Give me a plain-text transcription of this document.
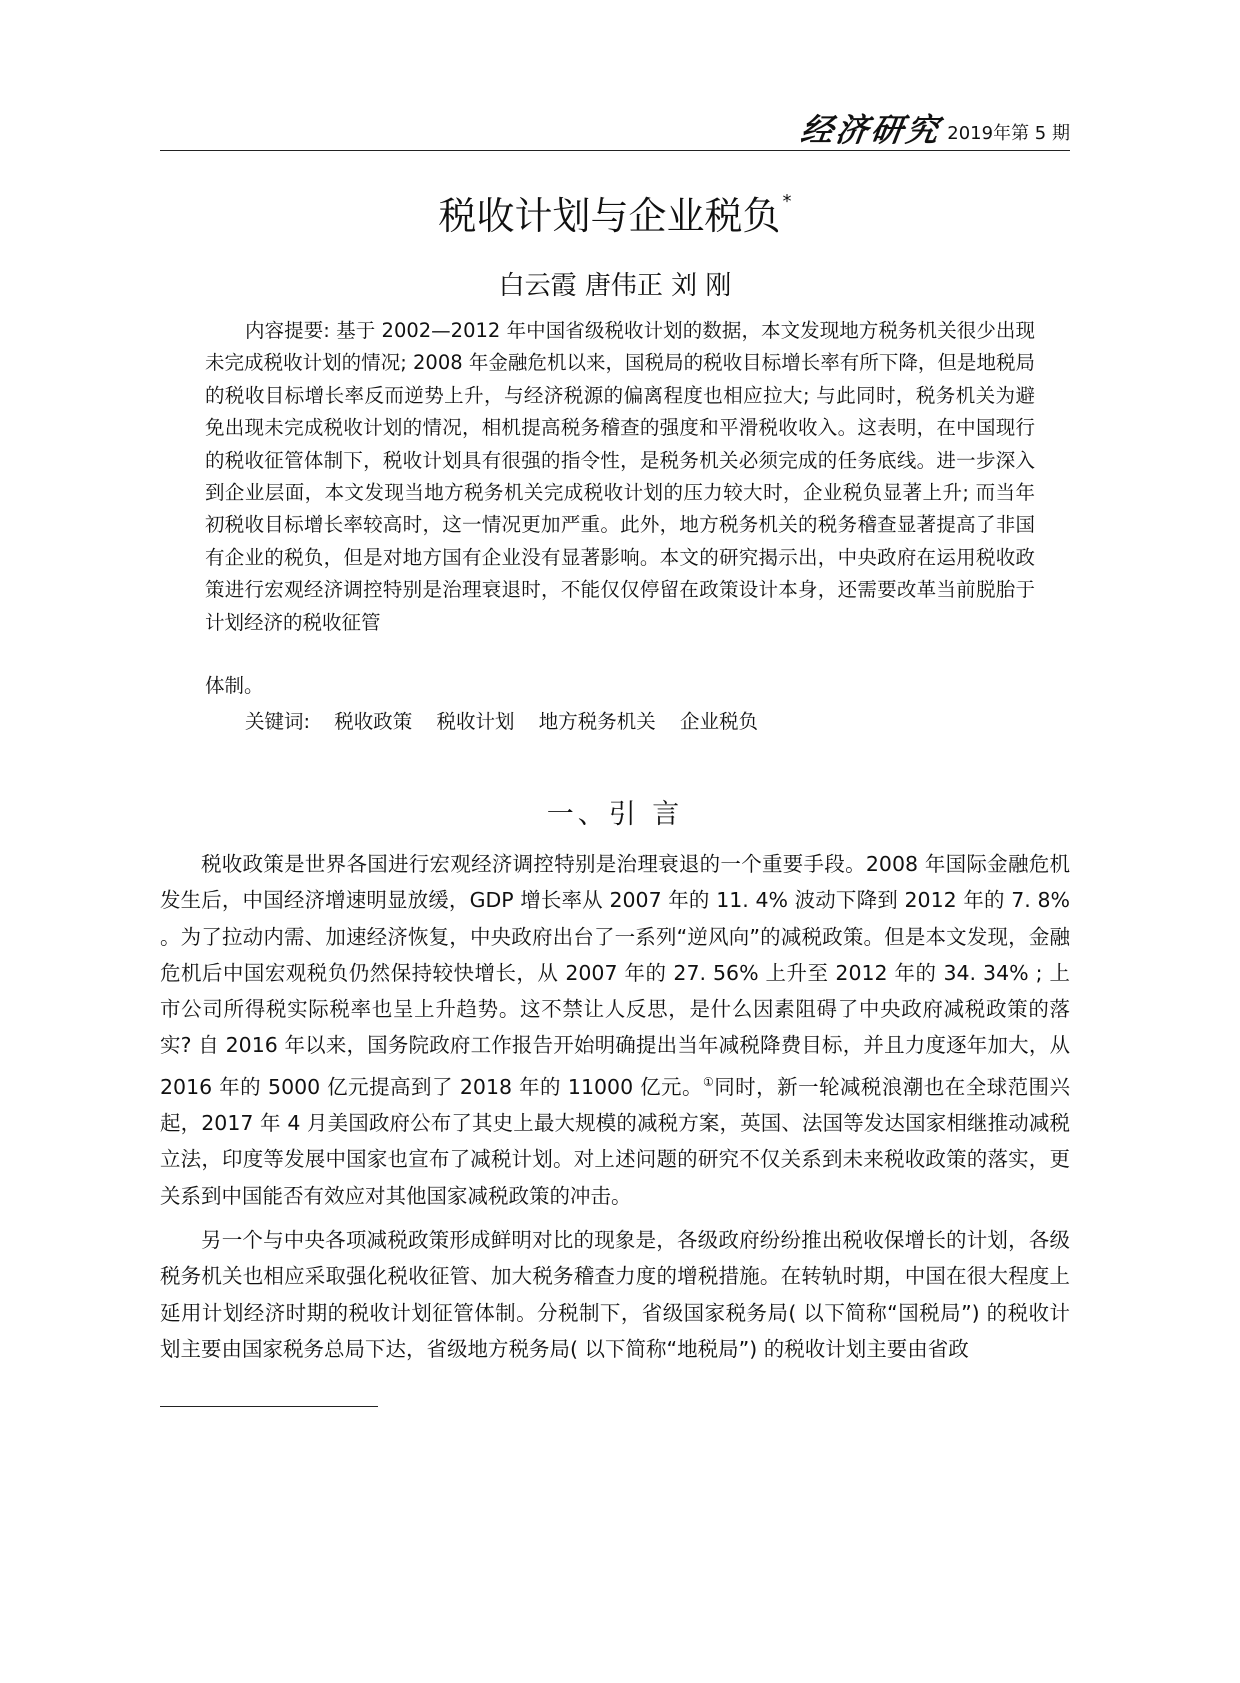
经济研究 2019年第 5 期
税收计划与企业税负 *
白云霞 唐伟正 刘 刚
内容提要: 基于 2002—2012 年中国省级税收计划的数据，本文发现地方税务机关很少出现未完成税收计划的情况; 2008 年金融危机以来，国税局的税收目标增长率有所下降，但是地税局的税收目标增长率反而逆势上升，与经济税源的偏离程度也相应拉大; 与此同时，税务机关为避免出现未完成税收计划的情况，相机提高税务稽查的强度和平滑税收收入。这表明，在中国现行的税收征管体制下，税收计划具有很强的指令性，是税务机关必须完成的任务底线。进一步深入到企业层面，本文发现当地方税务机关完成税收计划的压力较大时，企业税负显著上升; 而当年初税收目标增长率较高时，这一情况更加严重。此外，地方税务机关的税务稽查显著提高了非国有企业的税负，但是对地方国有企业没有显著影响。本文的研究揭示出，中央政府在运用税收政策进行宏观经济调控特别是治理衰退时，不能仅仅停留在政策设计本身，还需要改革当前脱胎于计划经济的税收征管
体制。
关键词: 税收政策 税收计划 地方税务机关 企业税负
一、引 言
税收政策是世界各国进行宏观经济调控特别是治理衰退的一个重要手段。2008 年国际金融危机发生后，中国经济增速明显放缓，GDP 增长率从 2007 年的 11. 4% 波动下降到 2012 年的 7. 8% 。为了拉动内需、加速经济恢复，中央政府出台了一系列“逆风向”的减税政策。但是本文发现，金融危机后中国宏观税负仍然保持较快增长，从 2007 年的 27. 56% 上升至 2012 年的 34. 34% ; 上市公司所得税实际税率也呈上升趋势。这不禁让人反思，是什么因素阻碍了中央政府减税政策的落实? 自 2016 年以来，国务院政府工作报告开始明确提出当年减税降费目标，并且力度逐年加大，从 2016 年的 5000 亿元提高到了 2018 年的 11000 亿元。①同时，新一轮减税浪潮也在全球范围兴起，2017 年 4 月美国政府公布了其史上最大规模的减税方案，英国、法国等发达国家相继推动减税立法，印度等发展中国家也宣布了减税计划。对上述问题的研究不仅关系到未来税收政策的落实，更关系到中国能否有效应对其他国家减税政策的冲击。
另一个与中央各项减税政策形成鲜明对比的现象是，各级政府纷纷推出税收保增长的计划，各级税务机关也相应采取强化税收征管、加大税务稽查力度的增税措施。在转轨时期，中国在很大程度上延用计划经济时期的税收计划征管体制。分税制下，省级国家税务局( 以下简称“国税局”) 的税收计划主要由国家税务总局下达，省级地方税务局( 以下简称“地税局”) 的税收计划主要由省政
